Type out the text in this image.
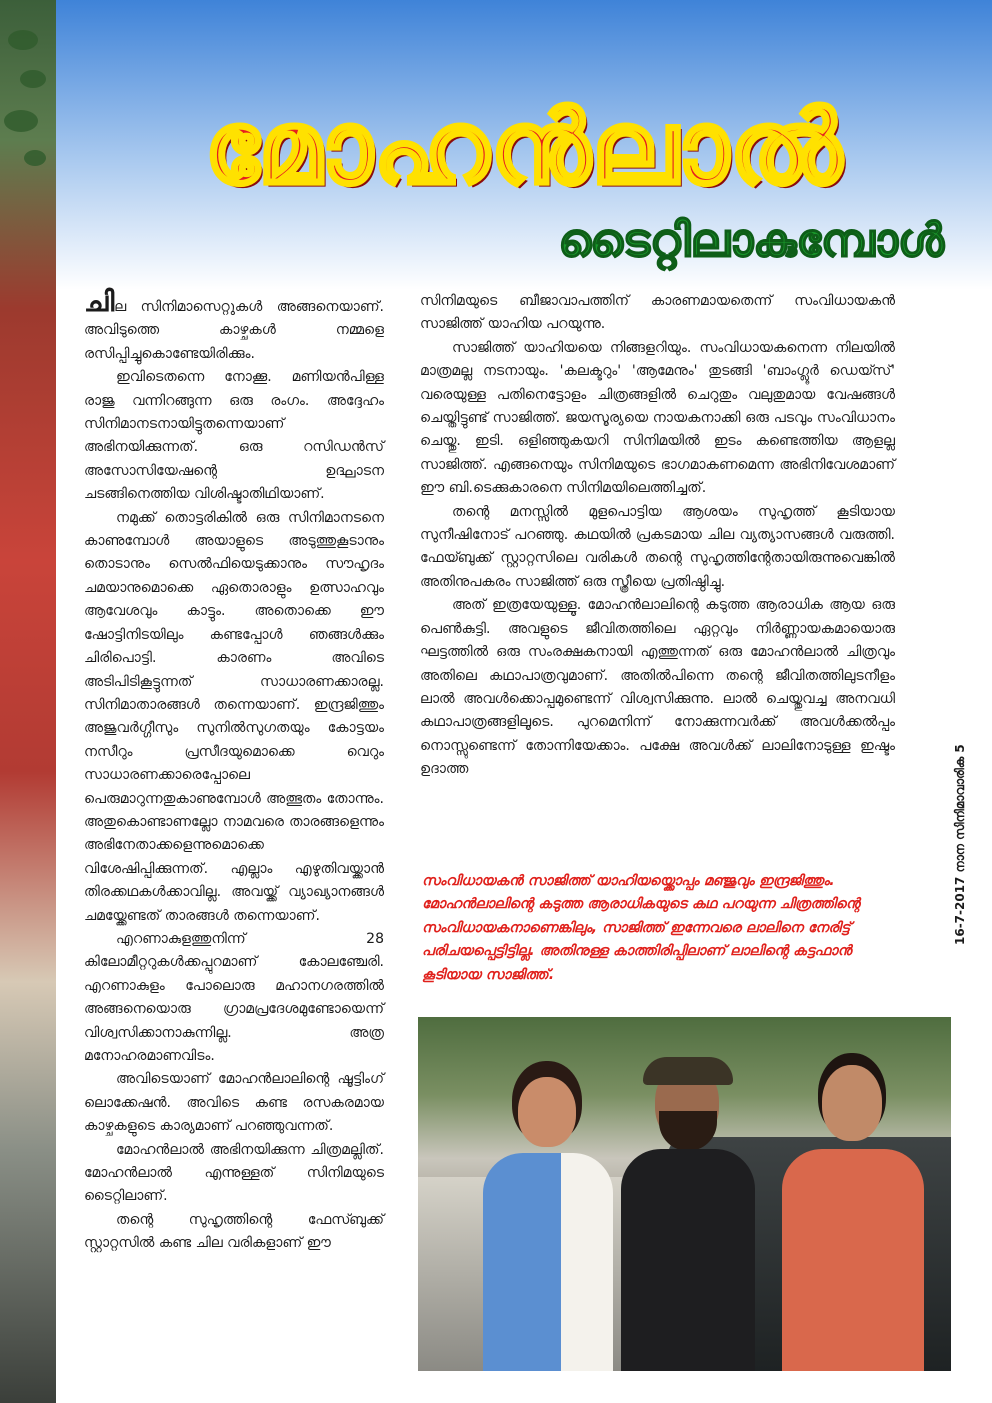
മോഹൻലാൽ
ടൈറ്റിലാകുമ്പോൾ

ചില സിനിമാസെറ്റുകൾ അങ്ങനെയാണ്. അവിടുത്തെ കാഴ്ചകൾ നമ്മളെ രസിപ്പിച്ചുകൊണ്ടേയിരിക്കും.

ഇവിടെതന്നെ നോക്കൂ. മണിയൻപിള്ള രാജു വന്നിറങ്ങുന്ന ഒരു രംഗം. അദ്ദേഹം സിനിമാനടനായിട്ടുതന്നെയാണ് അഭിനയിക്കുന്നത്. ഒരു റസിഡൻസ് അസോസിയേഷന്റെ ഉദ്ഘാടന ചടങ്ങിനെത്തിയ വിശിഷ്ടാതിഥിയാണ്.

നമുക്ക് തൊട്ടരികിൽ ഒരു സിനിമാനടനെ കാണുമ്പോൾ അയാളുടെ അടുത്തുകൂടാനും തൊടാനും സെൽഫിയെടുക്കാനും സൗഹൃദം ചമയാനുമൊക്കെ ഏതൊരാളും ഉത്സാഹവും ആവേശവും കാട്ടും. അതൊക്കെ ഈ ഷോട്ടിനിടയിലും കണ്ടപ്പോൾ ഞങ്ങൾക്കും ചിരിപൊട്ടി. കാരണം അവിടെ അടിപിടികൂട്ടുന്നത് സാധാരണക്കാരല്ല. സിനിമാതാരങ്ങൾ തന്നെയാണ്. ഇന്ദ്രജിത്തും അജുവർഗ്ഗീസും സുനിൽസുഗതയും കോട്ടയം നസീറും പ്രസീദയുമൊക്കെ വെറും സാധാരണക്കാരെപ്പോലെ പെരുമാറുന്നതുകാണുമ്പോൾ അത്ഭുതം തോന്നും. അതുകൊണ്ടാണല്ലോ നാമവരെ താരങ്ങളെന്നും അഭിനേതാക്കളെന്നുമൊക്കെ വിശേഷിപ്പിക്കുന്നത്. എല്ലാം എഴുതിവയ്ക്കാൻ തിരക്കഥകൾക്കാവില്ല. അവയ്ക്ക് വ്യാഖ്യാനങ്ങൾ ചമയ്ക്കേണ്ടത് താരങ്ങൾ തന്നെയാണ്.

എറണാകുളത്തുനിന്ന് 28 കിലോമീറ്ററുകൾക്കപ്പുറമാണ് കോലഞ്ചേരി. എറണാകുളം പോലൊരു മഹാനഗരത്തിൽ അങ്ങനെയൊരു ഗ്രാമപ്രദേശമുണ്ടോയെന്ന് വിശ്വസിക്കാനാകുന്നില്ല. അത്ര മനോഹരമാണവിടം.

അവിടെയാണ് മോഹൻലാലിന്റെ ഷൂട്ടിംഗ് ലൊക്കേഷൻ. അവിടെ കണ്ട രസകരമായ കാഴ്ചകളുടെ കാര്യമാണ് പറഞ്ഞുവന്നത്.

മോഹൻലാൽ അഭിനയിക്കുന്ന ചിത്രമല്ലിത്. മോഹൻലാൽ എന്നുള്ളത് സിനിമയുടെ ടൈറ്റിലാണ്.

തന്റെ സുഹൃത്തിന്റെ ഫേസ്ബുക്ക് സ്റ്റാറ്റസിൽ കണ്ട ചില വരികളാണ് ഈ

സിനിമയുടെ ബീജാവാപത്തിന് കാരണമായതെന്ന് സംവിധായകൻ സാജിത്ത് യാഹിയ പറയുന്നു.

സാജിത്ത് യാഹിയയെ നിങ്ങളറിയും. സംവിധായകനെന്ന നിലയിൽ മാത്രമല്ല നടനായും. 'കലക്ടറും' 'ആമേനും' തുടങ്ങി 'ബാംഗ്ലൂർ ഡെയ്സ്' വരെയുള്ള പതിനെട്ടോളം ചിത്രങ്ങളിൽ ചെറുതും വലുതുമായ വേഷങ്ങൾ ചെയ്തിട്ടുണ്ട് സാജിത്ത്. ജയസൂര്യയെ നായകനാക്കി ഒരു പടവും സംവിധാനം ചെയ്തു. ഇടി. ഒളിഞ്ഞുകയറി സിനിമയിൽ ഇടം കണ്ടെത്തിയ ആളല്ല സാജിത്ത്. എങ്ങനെയും സിനിമയുടെ ഭാഗമാകണമെന്ന അഭിനിവേശമാണ് ഈ ബി.ടെക്കുകാരനെ സിനിമയിലെത്തിച്ചത്.

തന്റെ മനസ്സിൽ മുളപൊട്ടിയ ആശയം സുഹൃത്ത് കൂടിയായ സുനീഷിനോട് പറഞ്ഞു. കഥയിൽ പ്രകടമായ ചില വ്യത്യാസങ്ങൾ വരുത്തി. ഫേയ്ബുക്ക് സ്റ്റാറ്റസിലെ വരികൾ തന്റെ സുഹൃത്തിന്റേതായിരുന്നുവെങ്കിൽ അതിനുപകരം സാജിത്ത് ഒരു സ്ത്രീയെ പ്രതിഷ്ഠിച്ചു.

അത് ഇത്രയേയുള്ളൂ. മോഹൻലാലിന്റെ കടുത്ത ആരാധിക ആയ ഒരു പെൺകുട്ടി. അവളുടെ ജീവിതത്തിലെ ഏറ്റവും നിർണ്ണായകമായൊരു ഘട്ടത്തിൽ ഒരു സംരക്ഷകനായി എത്തുന്നത് ഒരു മോഹൻലാൽ ചിത്രവും അതിലെ കഥാപാത്രവുമാണ്. അതിൽപിന്നെ തന്റെ ജീവിതത്തിലുടനീളം ലാൽ അവൾക്കൊപ്പമുണ്ടെന്ന് വിശ്വസിക്കുന്നു. ലാൽ ചെയ്തുവച്ച അനവധി കഥാപാത്രങ്ങളിലൂടെ. പുറമെനിന്ന് നോക്കുന്നവർക്ക് അവൾക്കൽപ്പം നൊസ്സുണ്ടെന്ന് തോന്നിയേക്കാം. പക്ഷേ അവൾക്ക് ലാലിനോടുള്ള ഇഷ്ടം ഉദാത്ത

സംവിധായകൻ സാജിത്ത് യാഹിയയ്ക്കൊപ്പം മഞ്ജുവും ഇന്ദ്രജിത്തും. മോഹൻലാലിന്റെ കടുത്ത ആരാധികയുടെ കഥ പറയുന്ന ചിത്രത്തിന്റെ സംവിധായകനാണെങ്കിലും, സാജിത്ത് ഇന്നേവരെ ലാലിനെ നേരിട്ട് പരിചയപ്പെട്ടിട്ടില്ല. അതിനുള്ള കാത്തിരിപ്പിലാണ് ലാലിന്റെ കട്ടഫാൻ കൂടിയായ സാജിത്ത്.
16-7-2017 നാന സിനിമാവാരിക 5
